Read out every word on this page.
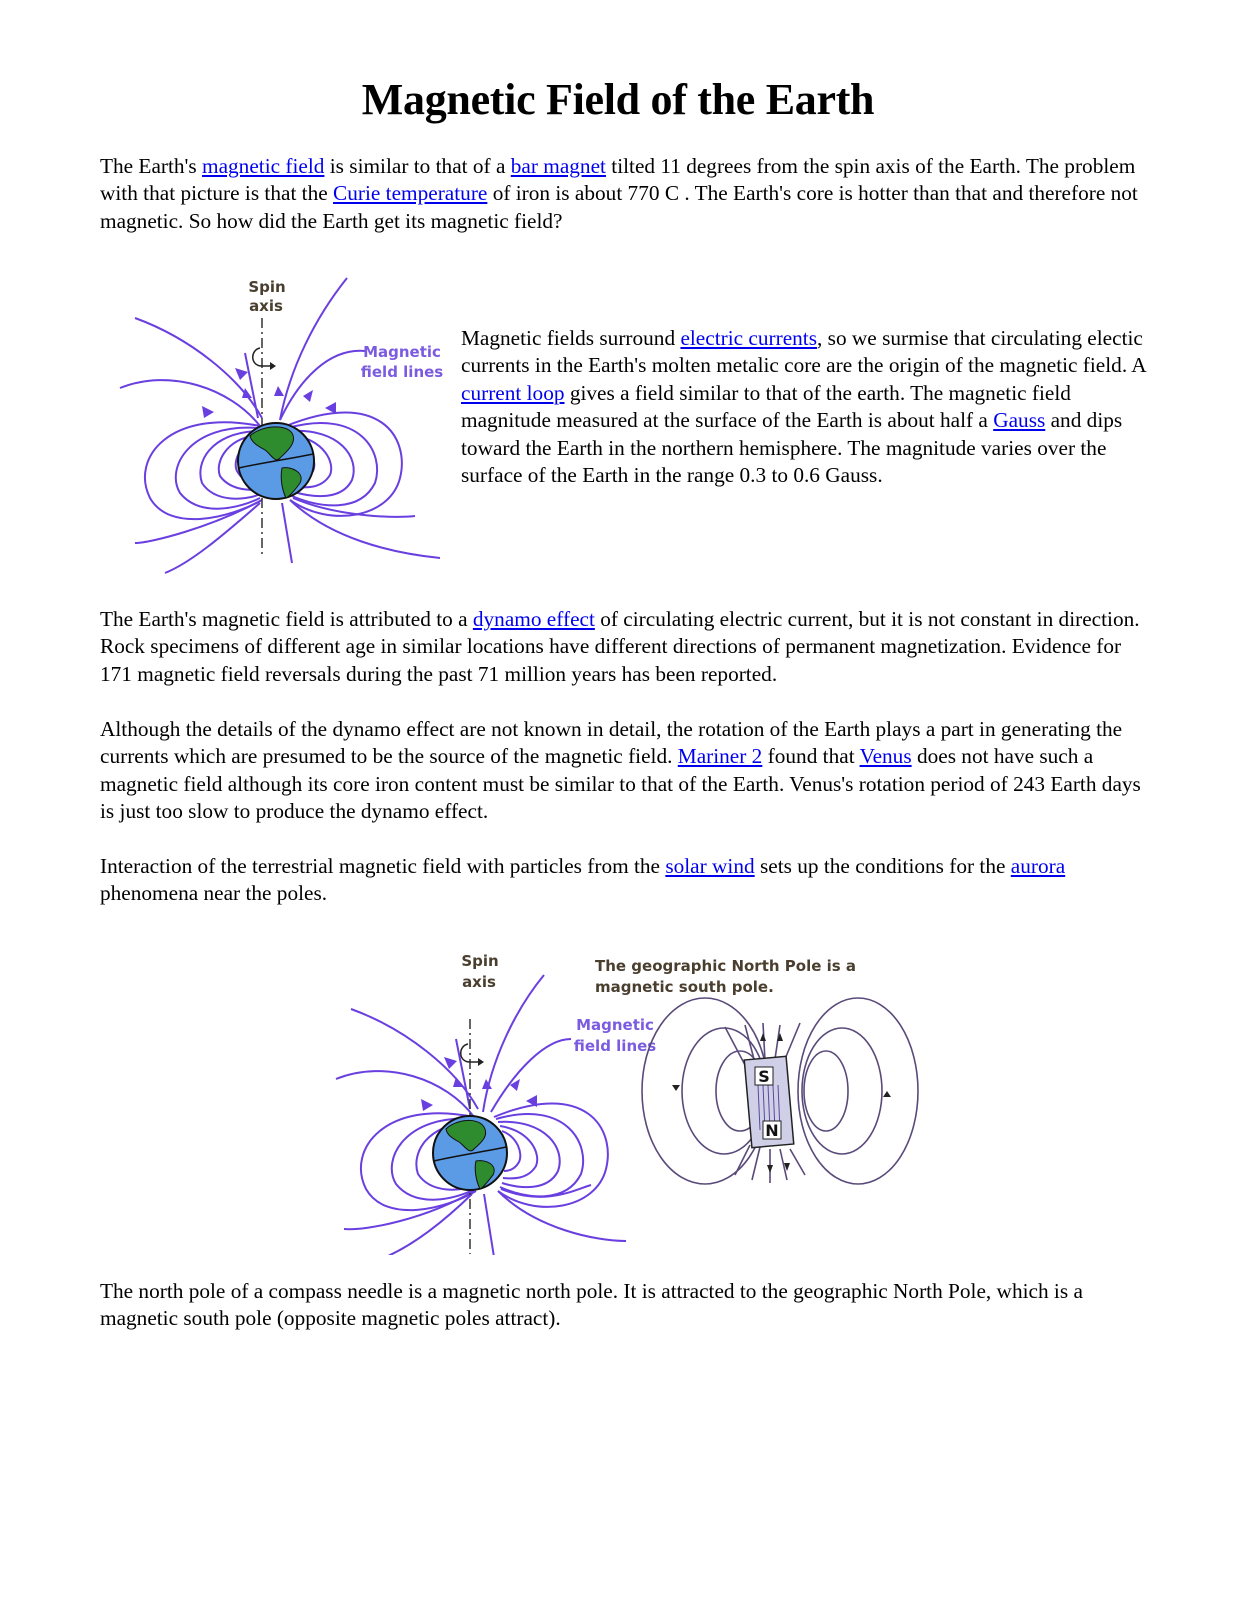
Magnetic Field of the Earth

The Earth's magnetic field is similar to that of a bar magnet tilted 11 degrees from the spin axis of the Earth. The problem with that picture is that the Curie temperature of iron is about 770 C . The Earth's core is hotter than that and therefore not magnetic. So how did the Earth get its magnetic field?

Spin
axis
Magnetic
field lines

Magnetic fields surround electric currents, so we surmise that circulating electic currents in the Earth's molten metalic core are the origin of the magnetic field. A current loop gives a field similar to that of the earth. The magnetic field magnitude measured at the surface of the Earth is about half a Gauss and dips toward the Earth in the northern hemisphere. The magnitude varies over the surface of the Earth in the range 0.3 to 0.6 Gauss.

The Earth's magnetic field is attributed to a dynamo effect of circulating electric current, but it is not constant in direction. Rock specimens of different age in similar locations have different directions of permanent magnetization. Evidence for 171 magnetic field reversals during the past 71 million years has been reported.

Although the details of the dynamo effect are not known in detail, the rotation of the Earth plays a part in generating the currents which are presumed to be the source of the magnetic field. Mariner 2 found that Venus does not have such a magnetic field although its core iron content must be similar to that of the Earth. Venus's rotation period of 243 Earth days is just too slow to produce the dynamo effect.

Interaction of the terrestrial magnetic field with particles from the solar wind sets up the conditions for the aurora phenomena near the poles.

Spin
axis
Magnetic
field lines
The geographic North Pole is a
magnetic south pole.
S
N

The north pole of a compass needle is a magnetic north pole. It is attracted to the geographic North Pole, which is a magnetic south pole (opposite magnetic poles attract).
